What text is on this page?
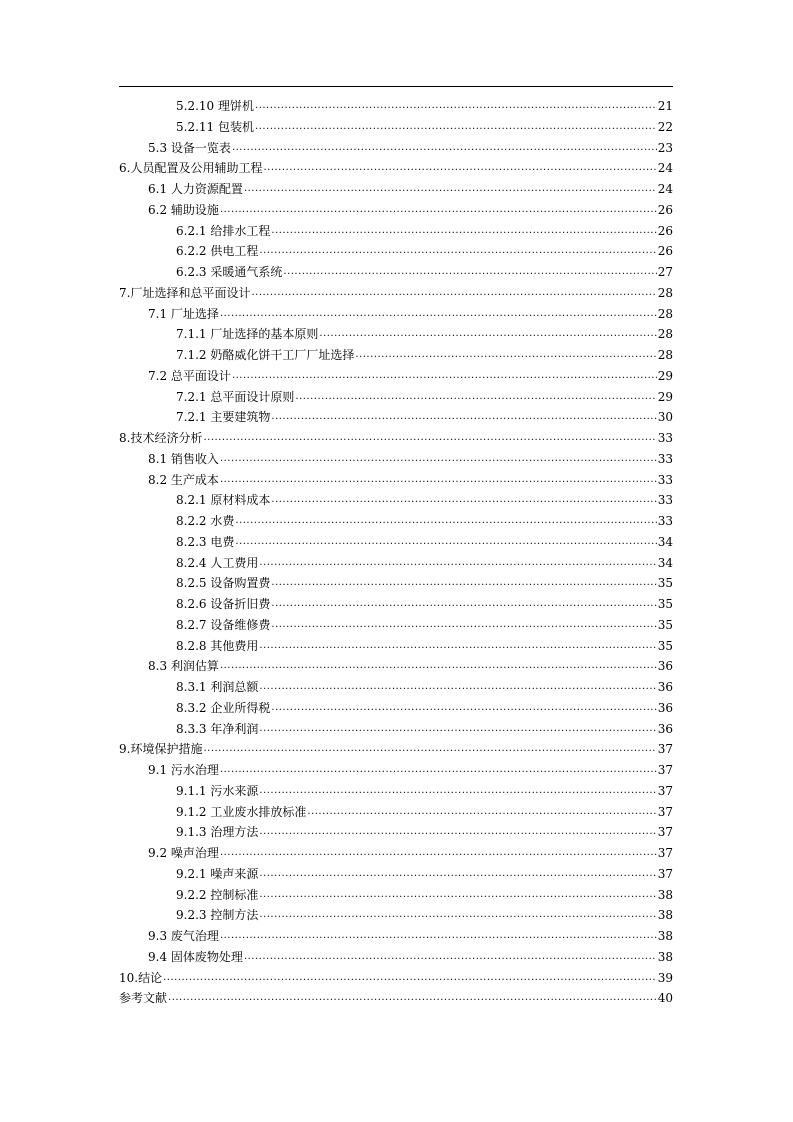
5.2.10 理饼机 .....	21
5.2.11 包装机 .....	22
5.3 设备一览表 .....	23
6.人员配置及公用辅助工程 .....	24
6.1 人力资源配置 .....	24
6.2 辅助设施 .....	26
6.2.1 给排水工程 .....	26
6.2.2 供电工程 .....	26
6.2.3 采暖通气系统 .....	27
7.厂址选择和总平面设计 .....	28
7.1 厂址选择 .....	28
7.1.1 厂址选择的基本原则 .....	28
7.1.2 奶酪威化饼干工厂厂址选择 .....	28
7.2 总平面设计 .....	29
7.2.1 总平面设计原则 .....	29
7.2.1 主要建筑物 .....	30
8.技术经济分析 .....	33
8.1 销售收入 .....	33
8.2 生产成本 .....	33
8.2.1 原材料成本 .....	33
8.2.2 水费 .....	33
8.2.3 电费 .....	34
8.2.4 人工费用 .....	34
8.2.5 设备购置费 .....	35
8.2.6 设备折旧费 .....	35
8.2.7 设备维修费 .....	35
8.2.8 其他费用 .....	35
8.3 利润估算 .....	36
8.3.1 利润总额 .....	36
8.3.2 企业所得税 .....	36
8.3.3 年净利润 .....	36
9.环境保护措施 .....	37
9.1 污水治理 .....	37
9.1.1 污水来源 .....	37
9.1.2 工业废水排放标准 .....	37
9.1.3 治理方法 .....	37
9.2 噪声治理 .....	37
9.2.1 噪声来源 .....	37
9.2.2 控制标准 .....	38
9.2.3 控制方法 .....	38
9.3 废气治理 .....	38
9.4 固体废物处理 .....	38
10.结论 .....	39
参考文献 .....	40
